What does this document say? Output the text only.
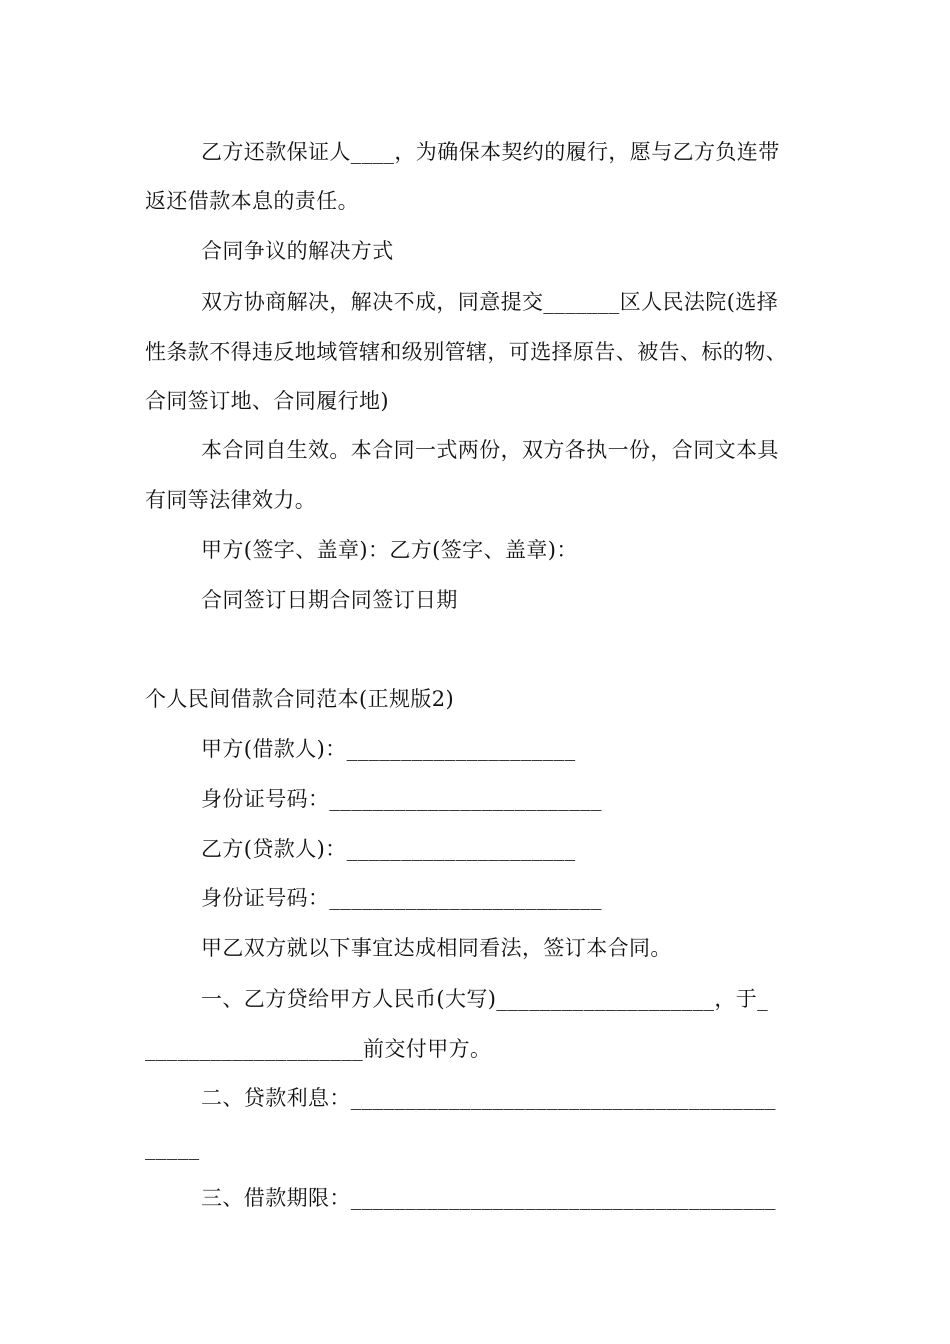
乙方还款保证人____，为确保本契约的履行，愿与乙方负连带
返还借款本息的责任。
合同争议的解决方式
双方协商解决，解决不成，同意提交_______区人民法院(选择
性条款不得违反地域管辖和级别管辖，可选择原告、被告、标的物、
合同签订地、合同履行地)
本合同自生效。本合同一式两份，双方各执一份，合同文本具
有同等法律效力。
甲方(签字、盖章)：乙方(签字、盖章)：
合同签订日期合同签订日期
个人民间借款合同范本(正规版2)
甲方(借款人)：_____________________
身份证号码：_________________________
乙方(贷款人)：_____________________
身份证号码：_________________________
甲乙双方就以下事宜达成相同看法，签订本合同。
一、乙方贷给甲方人民币(大写)____________________，于_
____________________前交付甲方。
二、贷款利息：_______________________________________
_____
三、借款期限：_______________________________________
